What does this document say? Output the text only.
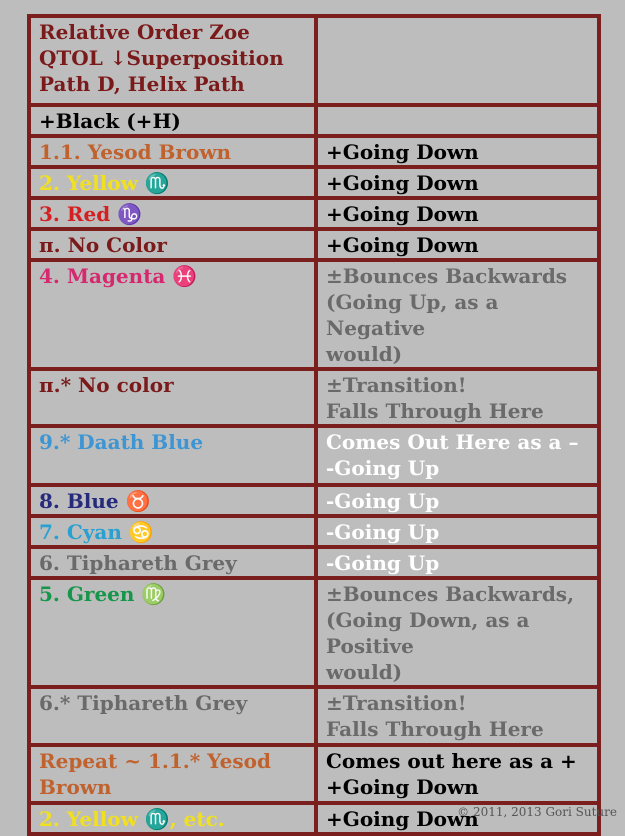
Relative Order Zoe
QTOL ↓Superposition
Path D, Helix Path	
+Black (+H)	
1.1. Yesod Brown	+Going Down
2. Yellow ♏	+Going Down
3. Red ♑	+Going Down
π. No Color	+Going Down
4. Magenta ♓	±Bounces Backwards
(Going Up, as a Negative
would)
π.* No color	±Transition!
Falls Through Here
9.* Daath Blue	Comes Out Here as a –
-Going Up
8. Blue ♉	-Going Up
7. Cyan ♋	-Going Up
6. Tiphareth Grey	-Going Up
5. Green ♍	±Bounces Backwards,
(Going Down, as a Positive
would)
6.* Tiphareth Grey	±Transition!
Falls Through Here
Repeat ~ 1.1.* Yesod
Brown	Comes out here as a +
+Going Down
2. Yellow ♏, etc.	+Going Down
© 2011, 2013 Gori Suture
